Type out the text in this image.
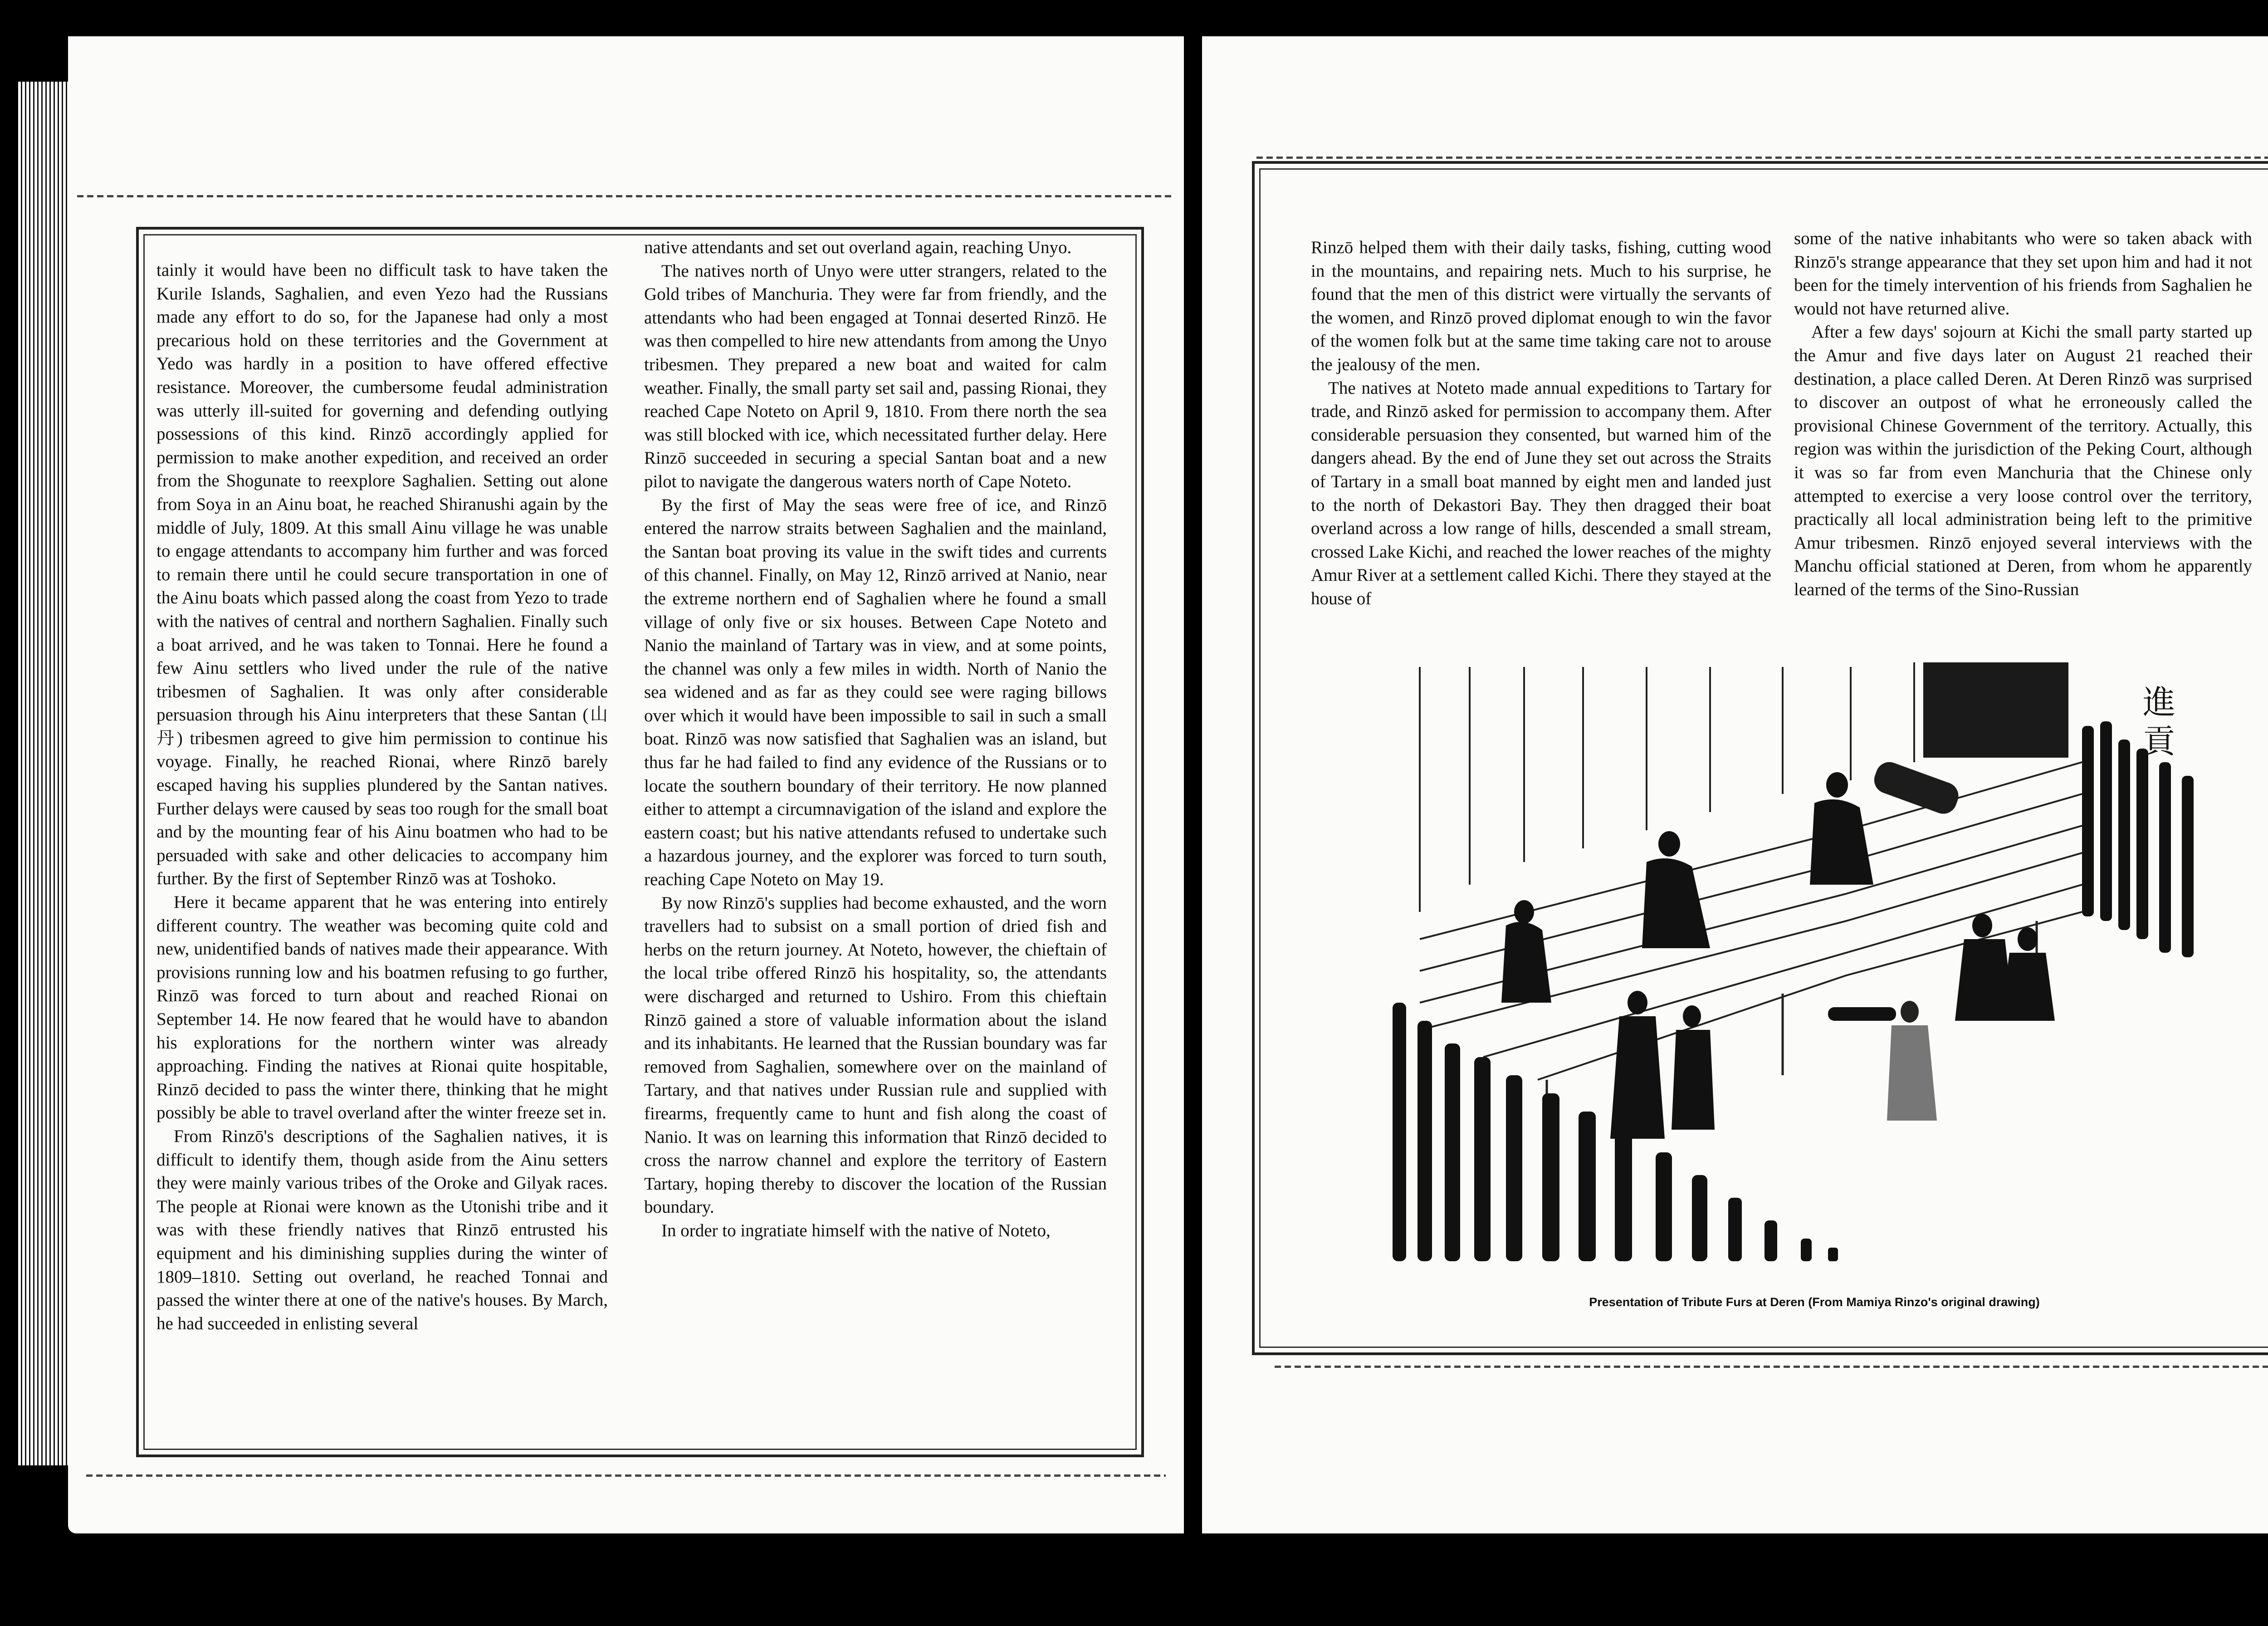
tainly it would have been no difficult task to have taken the Kurile Islands, Saghalien, and even Yezo had the Russians made any effort to do so, for the Japanese had only a most precarious hold on these territories and the Government at Yedo was hardly in a position to have offered effective resistance. Moreover, the cumbersome feudal administration was utterly ill-suited for governing and defending outlying possessions of this kind. Rinzō accordingly applied for permission to make another expedition, and received an order from the Shogunate to reexplore Saghalien. Setting out alone from Soya in an Ainu boat, he reached Shiranushi again by the middle of July, 1809. At this small Ainu village he was unable to engage attendants to accompany him further and was forced to remain there until he could secure transportation in one of the Ainu boats which passed along the coast from Yezo to trade with the natives of central and northern Saghalien. Finally such a boat arrived, and he was taken to Tonnai. Here he found a few Ainu settlers who lived under the rule of the native tribesmen of Saghalien. It was only after considerable persuasion through his Ainu interpreters that these Santan (山丹) tribesmen agreed to give him permission to continue his voyage. Finally, he reached Rionai, where Rinzō barely escaped having his supplies plundered by the Santan natives. Further delays were caused by seas too rough for the small boat and by the mounting fear of his Ainu boatmen who had to be persuaded with sake and other delicacies to accompany him further. By the first of September Rinzō was at Toshoko.

Here it became apparent that he was entering into entirely different country. The weather was becoming quite cold and new, unidentified bands of natives made their appearance. With provisions running low and his boatmen refusing to go further, Rinzō was forced to turn about and reached Rionai on September 14. He now feared that he would have to abandon his explorations for the northern winter was already approaching. Finding the natives at Rionai quite hospitable, Rinzō decided to pass the winter there, thinking that he might possibly be able to travel overland after the winter freeze set in.

From Rinzō's descriptions of the Saghalien natives, it is difficult to identify them, though aside from the Ainu setters they were mainly various tribes of the Oroke and Gilyak races. The people at Rionai were known as the Utonishi tribe and it was with these friendly natives that Rinzō entrusted his equipment and his diminishing supplies during the winter of 1809–1810. Setting out overland, he reached Tonnai and passed the winter there at one of the native's houses. By March, he had succeeded in enlisting several

native attendants and set out overland again, reaching Unyo.

The natives north of Unyo were utter strangers, related to the Gold tribes of Manchuria. They were far from friendly, and the attendants who had been engaged at Tonnai deserted Rinzō. He was then compelled to hire new attendants from among the Unyo tribesmen. They prepared a new boat and waited for calm weather. Finally, the small party set sail and, passing Rionai, they reached Cape Noteto on April 9, 1810. From there north the sea was still blocked with ice, which necessitated further delay. Here Rinzō succeeded in securing a special Santan boat and a new pilot to navigate the dangerous waters north of Cape Noteto.

By the first of May the seas were free of ice, and Rinzō entered the narrow straits between Saghalien and the mainland, the Santan boat proving its value in the swift tides and currents of this channel. Finally, on May 12, Rinzō arrived at Nanio, near the extreme northern end of Saghalien where he found a small village of only five or six houses. Between Cape Noteto and Nanio the mainland of Tartary was in view, and at some points, the channel was only a few miles in width. North of Nanio the sea widened and as far as they could see were raging billows over which it would have been impossible to sail in such a small boat. Rinzō was now satisfied that Saghalien was an island, but thus far he had failed to find any evidence of the Russians or to locate the southern boundary of their territory. He now planned either to attempt a circumnavigation of the island and explore the eastern coast; but his native attendants refused to undertake such a hazardous journey, and the explorer was forced to turn south, reaching Cape Noteto on May 19.

By now Rinzō's supplies had become exhausted, and the worn travellers had to subsist on a small portion of dried fish and herbs on the return journey. At Noteto, however, the chieftain of the local tribe offered Rinzō his hospitality, so, the attendants were discharged and returned to Ushiro. From this chieftain Rinzō gained a store of valuable information about the island and its inhabitants. He learned that the Russian boundary was far removed from Saghalien, somewhere over on the mainland of Tartary, and that natives under Russian rule and supplied with firearms, frequently came to hunt and fish along the coast of Nanio. It was on learning this information that Rinzō decided to cross the narrow channel and explore the territory of Eastern Tartary, hoping thereby to discover the location of the Russian boundary.

In order to ingratiate himself with the native of Noteto,

Rinzō helped them with their daily tasks, fishing, cutting wood in the mountains, and repairing nets. Much to his surprise, he found that the men of this district were virtually the servants of the women, and Rinzō proved diplomat enough to win the favor of the women folk but at the same time taking care not to arouse the jealousy of the men.

The natives at Noteto made annual expeditions to Tartary for trade, and Rinzō asked for permission to accompany them. After considerable persuasion they consented, but warned him of the dangers ahead. By the end of June they set out across the Straits of Tartary in a small boat manned by eight men and landed just to the north of Dekastori Bay. They then dragged their boat overland across a low range of hills, descended a small stream, crossed Lake Kichi, and reached the lower reaches of the mighty Amur River at a settlement called Kichi. There they stayed at the house of

some of the native inhabitants who were so taken aback with Rinzō's strange appearance that they set upon him and had it not been for the timely intervention of his friends from Saghalien he would not have returned alive.

After a few days' sojourn at Kichi the small party started up the Amur and five days later on August 21 reached their destination, a place called Deren. At Deren Rinzō was surprised to discover an outpost of what he erroneously called the provisional Chinese Government of the territory. Actually, this region was within the jurisdiction of the Peking Court, although it was so far from even Manchuria that the Chinese only attempted to exercise a very loose control over the territory, practically all local administration being left to the primitive Amur tribesmen. Rinzō enjoyed several interviews with the Manchu official stationed at Deren, from whom he apparently learned of the terms of the Sino-Russian

進貢
Presentation of Tribute Furs at Deren (From Mamiya Rinzo's original drawing)
